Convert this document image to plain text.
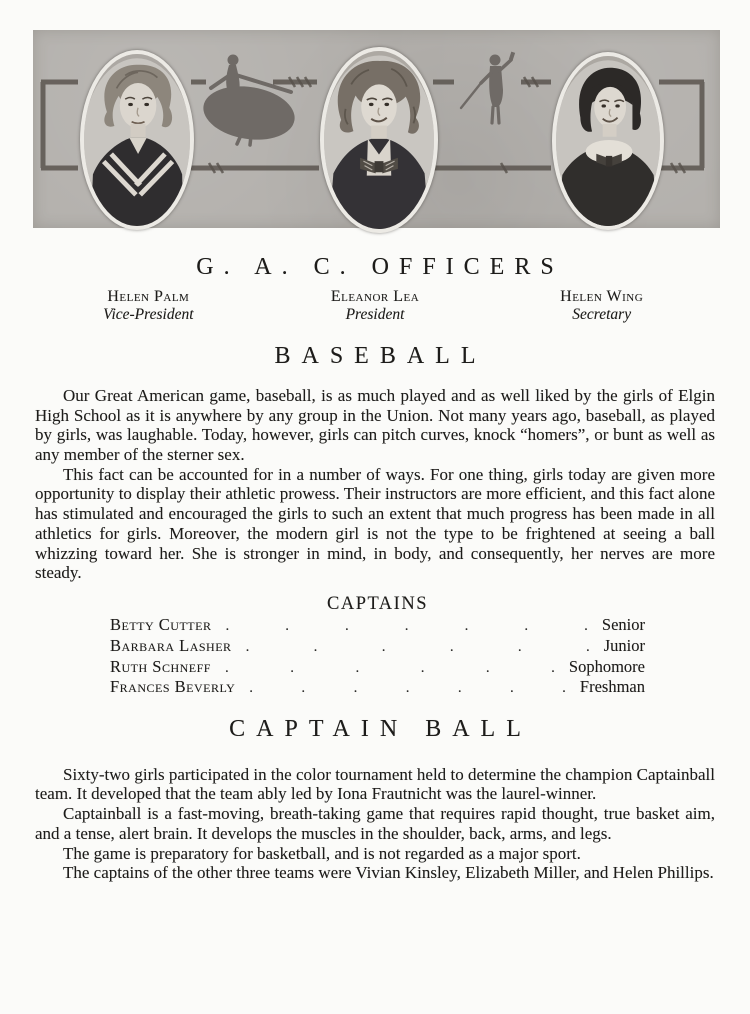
G. A. C. OFFICERS
Helen Palm
Vice-President
Eleanor Lea
President
Helen Wing
Secretary
BASEBALL

Our Great American game, baseball, is as much played and as well liked by the girls of Elgin High School as it is anywhere by any group in the Union. Not many years ago, baseball, as played by girls, was laughable. Today, however, girls can pitch curves, knock “homers”, or bunt as well as any member of the sterner sex.

This fact can be accounted for in a number of ways. For one thing, girls today are given more opportunity to display their athletic prowess. Their instructors are more efficient, and this fact alone has stimulated and encouraged the girls to such an extent that much progress has been made in all athletics for girls. Moreover, the modern girl is not the type to be frightened at seeing a ball whizzing toward her. She is stronger in mind, in body, and consequently, her nerves are more steady.

CAPTAINS
Betty Cutter . . . . . . . Senior
Barbara Lasher . . . . . . Junior
Ruth Schneff . . . . . . Sophomore
Frances Beverly . . . . . . . Freshman
CAPTAIN BALL

Sixty-two girls participated in the color tournament held to determine the champion Captainball team. It developed that the team ably led by Iona Frautnicht was the laurel-winner.

Captainball is a fast-moving, breath-taking game that requires rapid thought, true basket aim, and a tense, alert brain. It develops the muscles in the shoulder, back, arms, and legs.

The game is preparatory for basketball, and is not regarded as a major sport.

The captains of the other three teams were Vivian Kinsley, Elizabeth Miller, and Helen Phillips.
